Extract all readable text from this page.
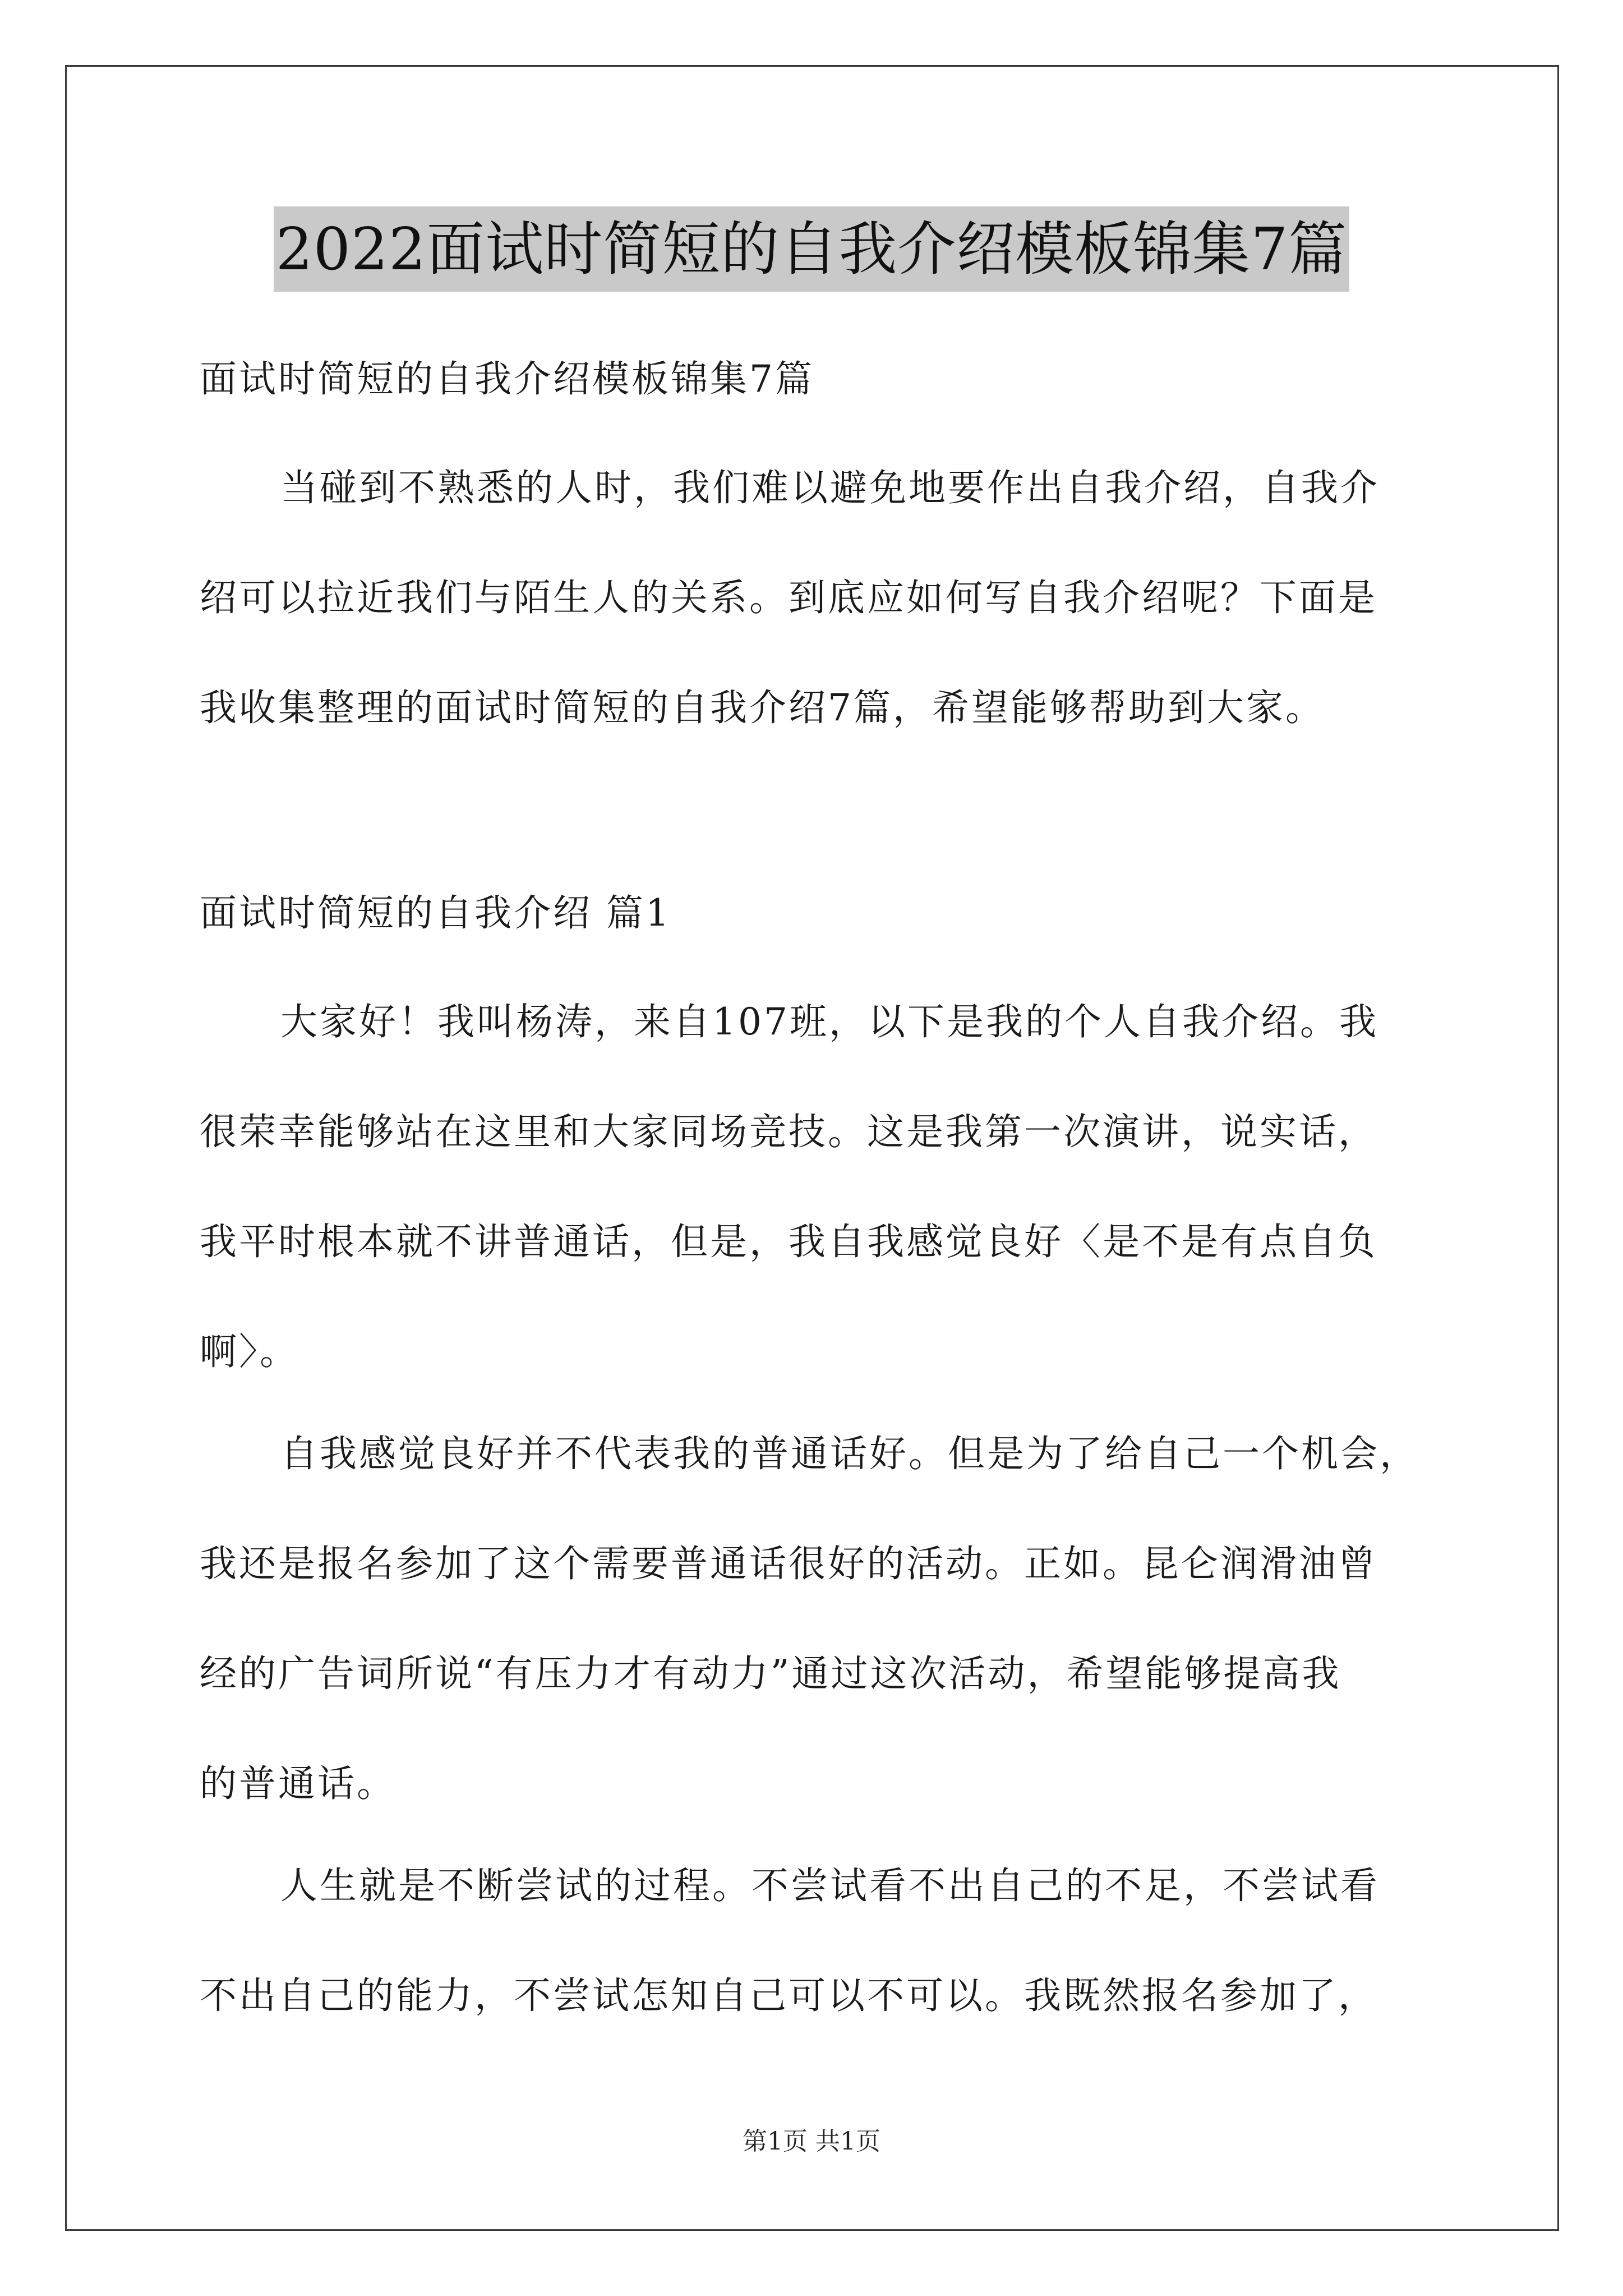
2022面试时简短的自我介绍模板锦集7篇

面试时简短的自我介绍模板锦集7篇

当碰到不熟悉的人时，我们难以避免地要作出自我介绍，自我介
绍可以拉近我们与陌生人的关系。到底应如何写自我介绍呢？下面是
我收集整理的面试时简短的自我介绍7篇，希望能够帮助到大家。

面试时简短的自我介绍 篇1

大家好！我叫杨涛，来自107班，以下是我的个人自我介绍。我
很荣幸能够站在这里和大家同场竞技。这是我第一次演讲，说实话，
我平时根本就不讲普通话，但是，我自我感觉良好〈是不是有点自负
啊〉。

自我感觉良好并不代表我的普通话好。但是为了给自己一个机会，
我还是报名参加了这个需要普通话很好的活动。正如。昆仑润滑油曾
经的广告词所说“有压力才有动力”通过这次活动，希望能够提高我
的普通话。

人生就是不断尝试的过程。不尝试看不出自己的不足，不尝试看
不出自己的能力，不尝试怎知自己可以不可以。我既然报名参加了，

第1页 共1页
